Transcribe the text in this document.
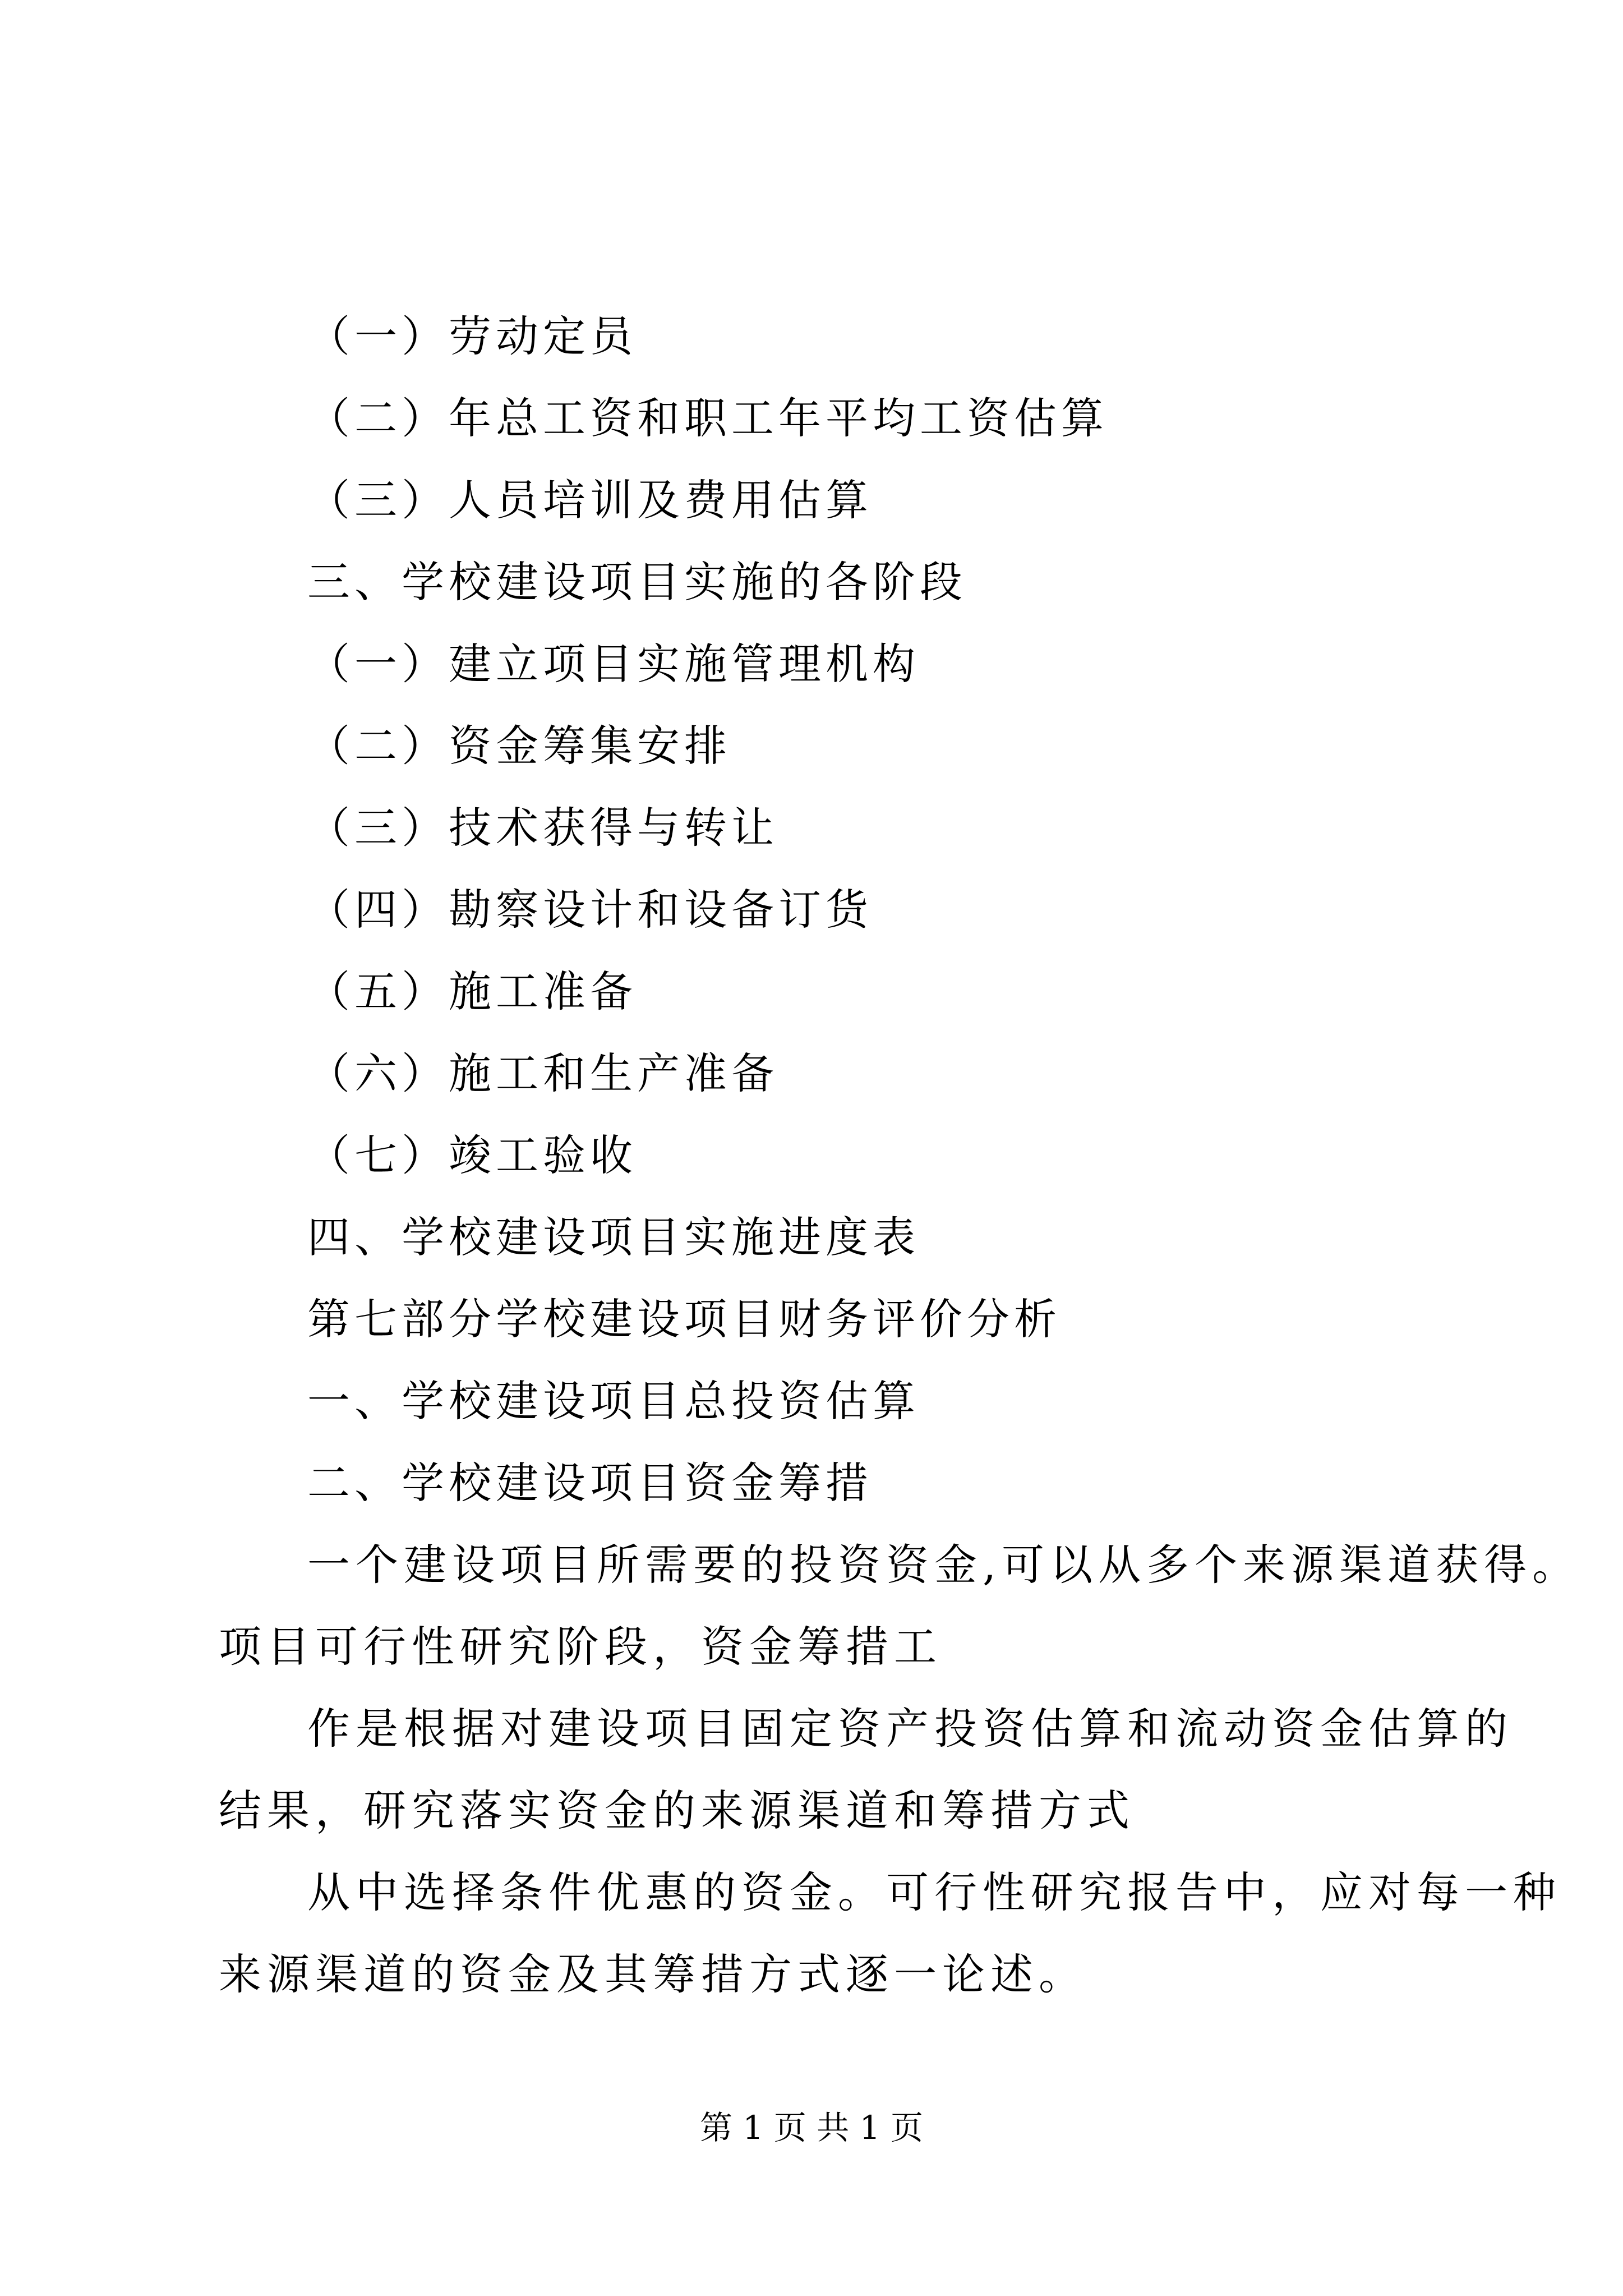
（一）劳动定员
（二）年总工资和职工年平均工资估算
（三）人员培训及费用估算
三、学校建设项目实施的各阶段
（一）建立项目实施管理机构
（二）资金筹集安排
（三）技术获得与转让
（四）勘察设计和设备订货
（五）施工准备
（六）施工和生产准备
（七）竣工验收
四、学校建设项目实施进度表
第七部分学校建设项目财务评价分析
一、学校建设项目总投资估算
二、学校建设项目资金筹措
一个建设项目所需要的投资资金,可以从多个来源渠道获得。
项目可行性研究阶段，资金筹措工
作是根据对建设项目固定资产投资估算和流动资金估算的
结果，研究落实资金的来源渠道和筹措方式
从中选择条件优惠的资金。可行性研究报告中，应对每一种
来源渠道的资金及其筹措方式逐一论述。
第 1 页 共 1 页
